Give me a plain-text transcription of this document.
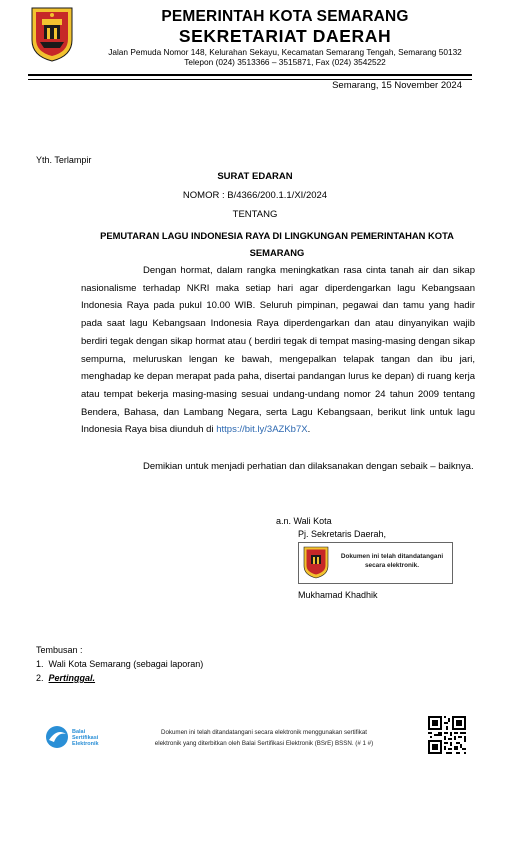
PEMERINTAH KOTA SEMARANG
SEKRETARIAT DAERAH
Jalan Pemuda Nomor 148, Kelurahan Sekayu, Kecamatan Semarang Tengah, Semarang 50132
Telepon (024) 3513366 – 3515871, Fax (024) 3542522
Semarang, 15 November 2024
Yth. Terlampir
SURAT EDARAN
NOMOR : B/4366/200.1.1/XI/2024
TENTANG
PEMUTARAN LAGU INDONESIA RAYA DI LINGKUNGAN PEMERINTAHAN KOTA
SEMARANG

Dengan hormat, dalam rangka meningkatkan rasa cinta tanah air dan sikap nasionalisme terhadap NKRI maka setiap hari agar diperdengarkan lagu Kebangsaan Indonesia Raya pada pukul 10.00 WIB. Seluruh pimpinan, pegawai dan tamu yang hadir pada saat lagu Kebangsaan Indonesia Raya diperdengarkan dan atau dinyanyikan wajib berdiri tegak dengan sikap hormat atau ( berdiri tegak di tempat masing-masing dengan sikap sempurna, meluruskan lengan ke bawah, mengepalkan telapak tangan dan ibu jari, menghadap ke depan merapat pada paha, disertai pandangan lurus ke depan) di ruang kerja atau tempat bekerja masing-masing sesuai undang-undang nomor 24 tahun 2009 tentang Bendera, Bahasa, dan Lambang Negara, serta Lagu Kebangsaan, berikut link untuk lagu Indonesia Raya bisa diunduh di https://bit.ly/3AZKb7X.

Demikian untuk menjadi perhatian dan dilaksanakan dengan sebaik – baiknya.

a.n. Wali Kota
Pj. Sekretaris Daerah,
Dokumen ini telah ditandatangani secara elektronik.
Mukhamad Khadhik
Tembusan :
1. Wali Kota Semarang (sebagai laporan)
2. Pertinggal.
Balai
Sertifikasi
Elektronik
Dokumen ini telah ditandatangani secara elektronik menggunakan sertifikat
elektronik yang diterbitkan oleh Balai Sertifikasi Elektronik (BSrE) BSSN. (# 1 #)
